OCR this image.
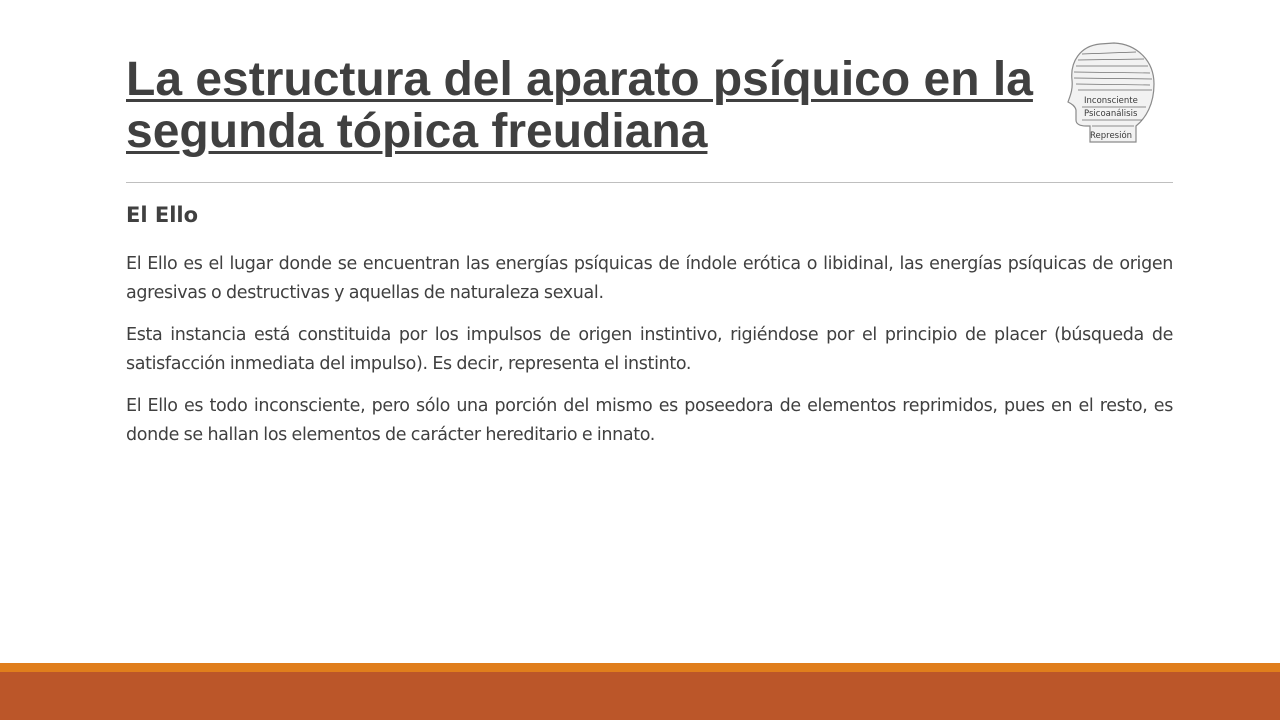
La estructura del aparato psíquico en la segunda tópica freudiana
Inconsciente
Psicoanálisis
Represión
El Ello

El Ello es el lugar donde se encuentran las energías psíquicas de índole erótica o libidinal, las energías psíquicas de origen agresivas o destructivas y aquellas de naturaleza sexual.

Esta instancia está constituida por los impulsos de origen instintivo, rigiéndose por el principio de placer (búsqueda de satisfacción inmediata del impulso). Es decir, representa el instinto.

El Ello es todo inconsciente, pero sólo una porción del mismo es poseedora de elementos reprimidos, pues en el resto, es donde se hallan los elementos de carácter hereditario e innato.
